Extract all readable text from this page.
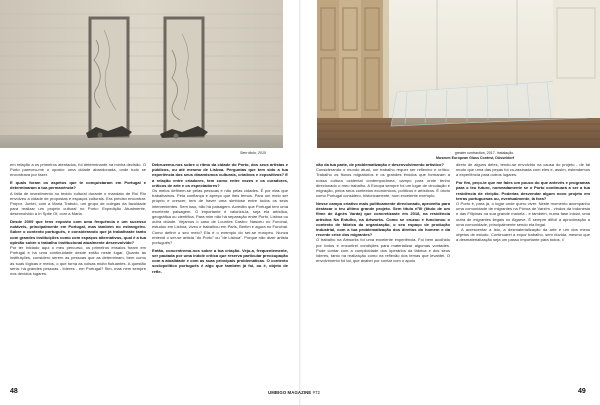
Sem titulo, 2015	greater contraction, 2017. Instalação.
Museum European Glass Contest, Düsseldorf

em relação a os primeiros atentados, foi determinante na minha decisão. O Porto pareceu-me o oposto: uma cidade abandonada, onde tudo se encontrava por fazer.

E quais foram os aspetos que te conquistaram em Portugal e determinaram a tua permanência?

A falta de investimento no tecido cultural durante o mandato de Rui Rio envolveu a cidade de propostas e espaços culturais. Era preciso encontrar. Propor. Juntei, com a Maria Trabulo, um grupo de colegas da faculdade para realizar um projeto cultural no Porto: Expedição Atualmente, desenvolvido a In Spite Of, com a Maria.

Desde 2009 que tens exposto com uma frequência e um sucesso notáveis, principalmente em Portugal, mas também no estrangeiro. Sobre o contexto português, e considerando que já trabalhaste tanto com grandes instituições como com espaços alternativos, qual é a tua opinião sobre o trabalho institucional atualmente desenvolvido?

Por ter iniciado aqui o meu percurso, os primeiros ensaios foram em Portugal e há uma continuidade desde então neste lugar. Quanto às instituições, considero serem as pessoas que as determinam, bem como as suas lógicas e meios, o que torna as coisas muito flutuantes. A questão seria: há grandes pessoas - líderes - em Portugal? Sim, mas nem sempre nos devidos lugares.

Debruzemo-nos sobre o ritmo da cidade do Porto, dos seus artistas e públicos, ou até mesmo de Lisboa. Perguntas que tem sido a tua experiência dos seus dinamismos culturais, criativos e expositivos? E a relação entre criadores, tem como entre vozes e os curadores, críticos de arte e os espectadores?

Os meios definem-se pelas pessoas e não pelas cidades. É por elas que trabalhamos. Pela confiança e apreço que lhes temos. Para um meio ser próprio e crescer, tem de haver uma simbiose entre todos os seus intervenientes. Sem isso, não há paisagem. Acredito que Portugal tem uma excelente paisagem. O importante é valorizá-la, seja ela artística, geográfica ou científica. Para mim não há separação entre Porto, Lisboa ou outra cidade. Vejamos o caso de Lourdes Castro: Nasceu no Funchal, estudou em Lisboa, viveu e trabalhou em Paris, Berlim e agora no Funchal. Como definir o seu meio? Ela é o exemplo do ser-se europeu. Nunca entendi o ser-se artista "do Porto" ou "de Lisboa". Porque não dizer artista português?

Então, concentremo-nos sobre a tua criação. Vejo-a, frequentemente, ser pautada por uma índole crítica que reserva particular preocupação com a atualidade e com as suas principais problemáticas. O contexto sociopolítico português é algo que também já foi, ou é, objeto de refle-

xão da tua parte, de problematização e desenvolvimento artístico?

Considerando o mundo atual, um trabalho requer ser reflexivo e crítico. Trabalho os fluxos migratórios e os grandes êxodos que formaram a nossa cultura ocidental contemporânea, campo para onde tenho direcionado o meu trabalho. A Europa sempre foi um lugar de circulação e migração, pelos seus contextos económicos, políticos e artísticos. É óbvio como Portugal considero, historicamente, num excelente exemplo.

Nesse campo criativo mais politicamente direcionado, aproveito para destacar o teu último grande projeto. Sem título nºIII (título de um filme de Agnès Varda) que concretizaste em 2018, na residência artística Na Entulho, na Artworks. Como se cruzou e funcionou o contexto de fábrica da organização, o seu espaço de produção industrial, com a tua problematização dos direitos do homem e da recente crise dos migrantes?

O trabalho na Artworks foi uma excelente experiência. Foi bem acolhido por todos e encontrei condições para materializar algumas vontades. Pude contar com a cumplicidade dos operários da fábrica e dos seus líderes, tanto na realização como na reflexão dos temas que levantei. O envolvimento foi tal, que acabei por contar com o apoio

direto de alguns deles, tendo-se envolvido na causa do projeto - de tal modo que uma das peças foi co-assinada com eles e, assim, estendemos a experiência para outros lugares.

Por fim, peço-te que me fales um pouco do que antevês e programas para o teu futuro, nomeadamente se o Porto continuará a ser a tua residência de eleição. Poderias desvendar algum novo projeto em terras portuguesas ou, eventualmente, lá fora?

O Porto é, para já, o lugar onde quero viver. Neste momento acompanho uma comunidade de migrantes na Póvoa de Varzim - vindos da Indonésia e das Filipinas na sua grande maioria - e também, numa fase inicial, uma outra de migrantes ilegais no Algarve. É sempre difícil a aproximação a uma comunidade, principalmente sendo ela ilegal.

A acrescentar a isto, a desmaterialização da arte é um dos meus objetos de estudo. Continuarei a expor trabalho, sem dúvida, mesmo que a desmaterialização seja um passo importante para todos. //

48	UMBIGO MAGAZINE #72	49
